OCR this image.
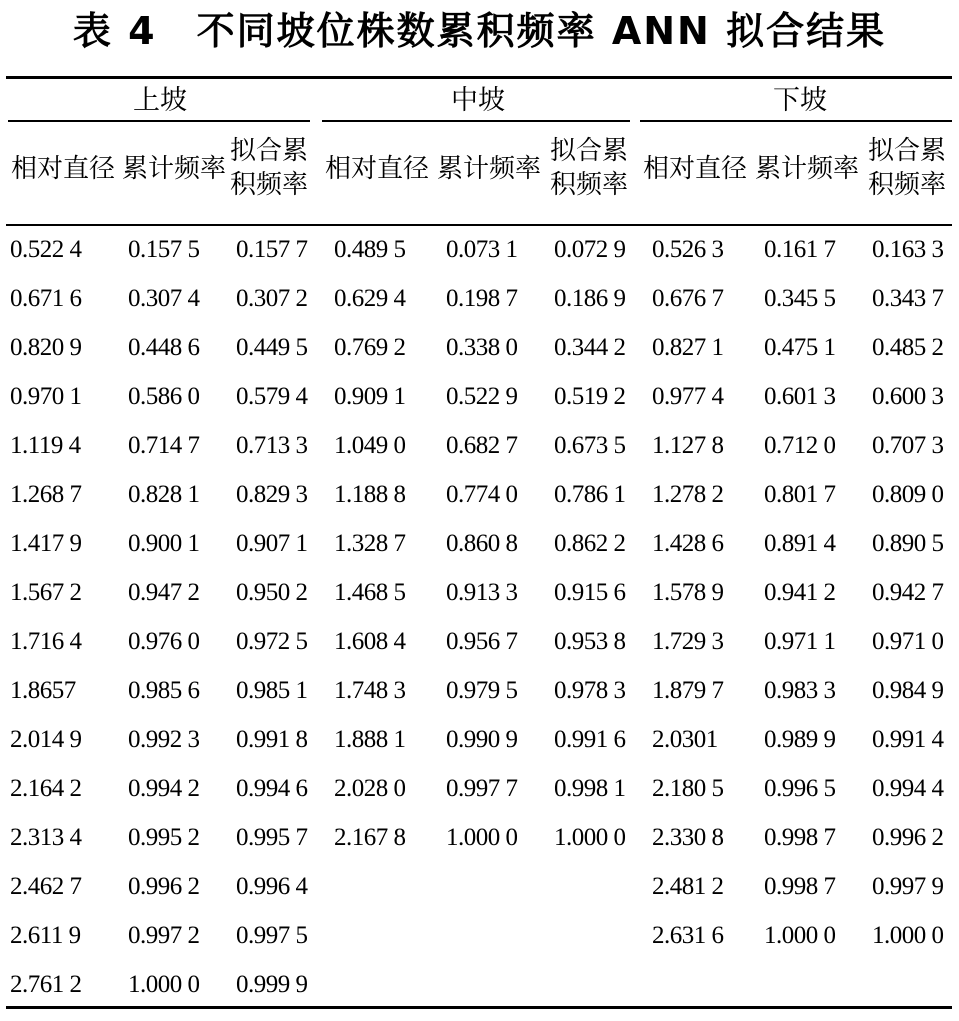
表 4　不同坡位株数累积频率 ANN 拟合结果
上坡
相对直径 累计频率
拟合累
积频率
0.522 4 0.157 5 0.157 7
0.671 6 0.307 4 0.307 2
0.820 9 0.448 6 0.449 5
0.970 1 0.586 0 0.579 4
1.119 4 0.714 7 0.713 3
1.268 7 0.828 1 0.829 3
1.417 9 0.900 1 0.907 1
1.567 2 0.947 2 0.950 2
1.716 4 0.976 0 0.972 5
1.8657 0.985 6 0.985 1
2.014 9 0.992 3 0.991 8
2.164 2 0.994 2 0.994 6
2.313 4 0.995 2 0.995 7
2.462 7 0.996 2 0.996 4
2.611 9 0.997 2 0.997 5
2.761 2 1.000 0 0.999 9
中坡
相对直径 累计频率
拟合累
积频率
0.489 5 0.073 1 0.072 9
0.629 4 0.198 7 0.186 9
0.769 2 0.338 0 0.344 2
0.909 1 0.522 9 0.519 2
1.049 0 0.682 7 0.673 5
1.188 8 0.774 0 0.786 1
1.328 7 0.860 8 0.862 2
1.468 5 0.913 3 0.915 6
1.608 4 0.956 7 0.953 8
1.748 3 0.979 5 0.978 3
1.888 1 0.990 9 0.991 6
2.028 0 0.997 7 0.998 1
2.167 8 1.000 0 1.000 0
下坡
相对直径 累计频率
拟合累
积频率
0.526 3 0.161 7 0.163 3
0.676 7 0.345 5 0.343 7
0.827 1 0.475 1 0.485 2
0.977 4 0.601 3 0.600 3
1.127 8 0.712 0 0.707 3
1.278 2 0.801 7 0.809 0
1.428 6 0.891 4 0.890 5
1.578 9 0.941 2 0.942 7
1.729 3 0.971 1 0.971 0
1.879 7 0.983 3 0.984 9
2.0301 0.989 9 0.991 4
2.180 5 0.996 5 0.994 4
2.330 8 0.998 7 0.996 2
2.481 2 0.998 7 0.997 9
2.631 6 1.000 0 1.000 0
